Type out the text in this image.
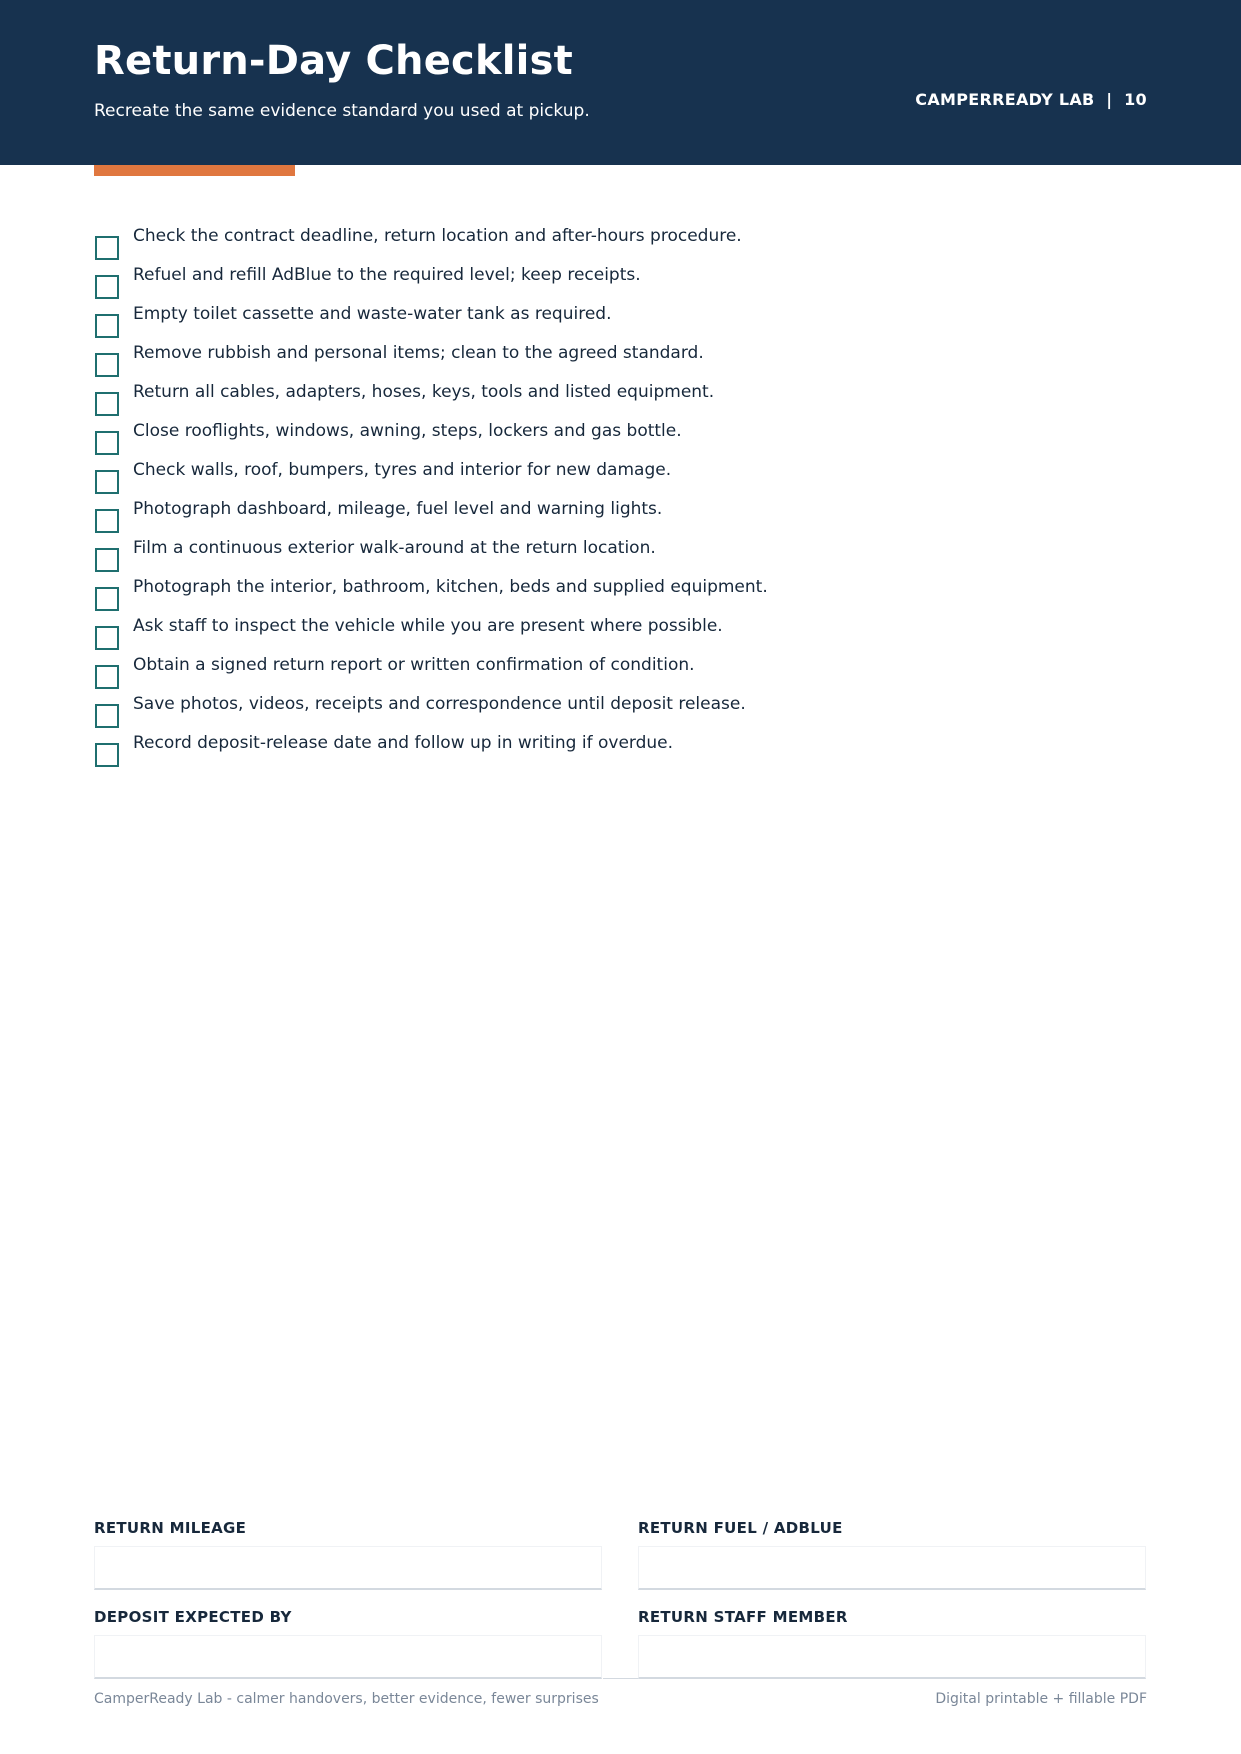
Return-Day Checklist
Recreate the same evidence standard you used at pickup.
CAMPERREADY LAB  |  10
Check the contract deadline, return location and after-hours procedure.
Refuel and refill AdBlue to the required level; keep receipts.
Empty toilet cassette and waste-water tank as required.
Remove rubbish and personal items; clean to the agreed standard.
Return all cables, adapters, hoses, keys, tools and listed equipment.
Close rooflights, windows, awning, steps, lockers and gas bottle.
Check walls, roof, bumpers, tyres and interior for new damage.
Photograph dashboard, mileage, fuel level and warning lights.
Film a continuous exterior walk-around at the return location.
Photograph the interior, bathroom, kitchen, beds and supplied equipment.
Ask staff to inspect the vehicle while you are present where possible.
Obtain a signed return report or written confirmation of condition.
Save photos, videos, receipts and correspondence until deposit release.
Record deposit-release date and follow up in writing if overdue.
RETURN MILEAGE	RETURN FUEL / ADBLUE
DEPOSIT EXPECTED BY	RETURN STAFF MEMBER
CamperReady Lab - calmer handovers, better evidence, fewer surprises	Digital printable + fillable PDF
